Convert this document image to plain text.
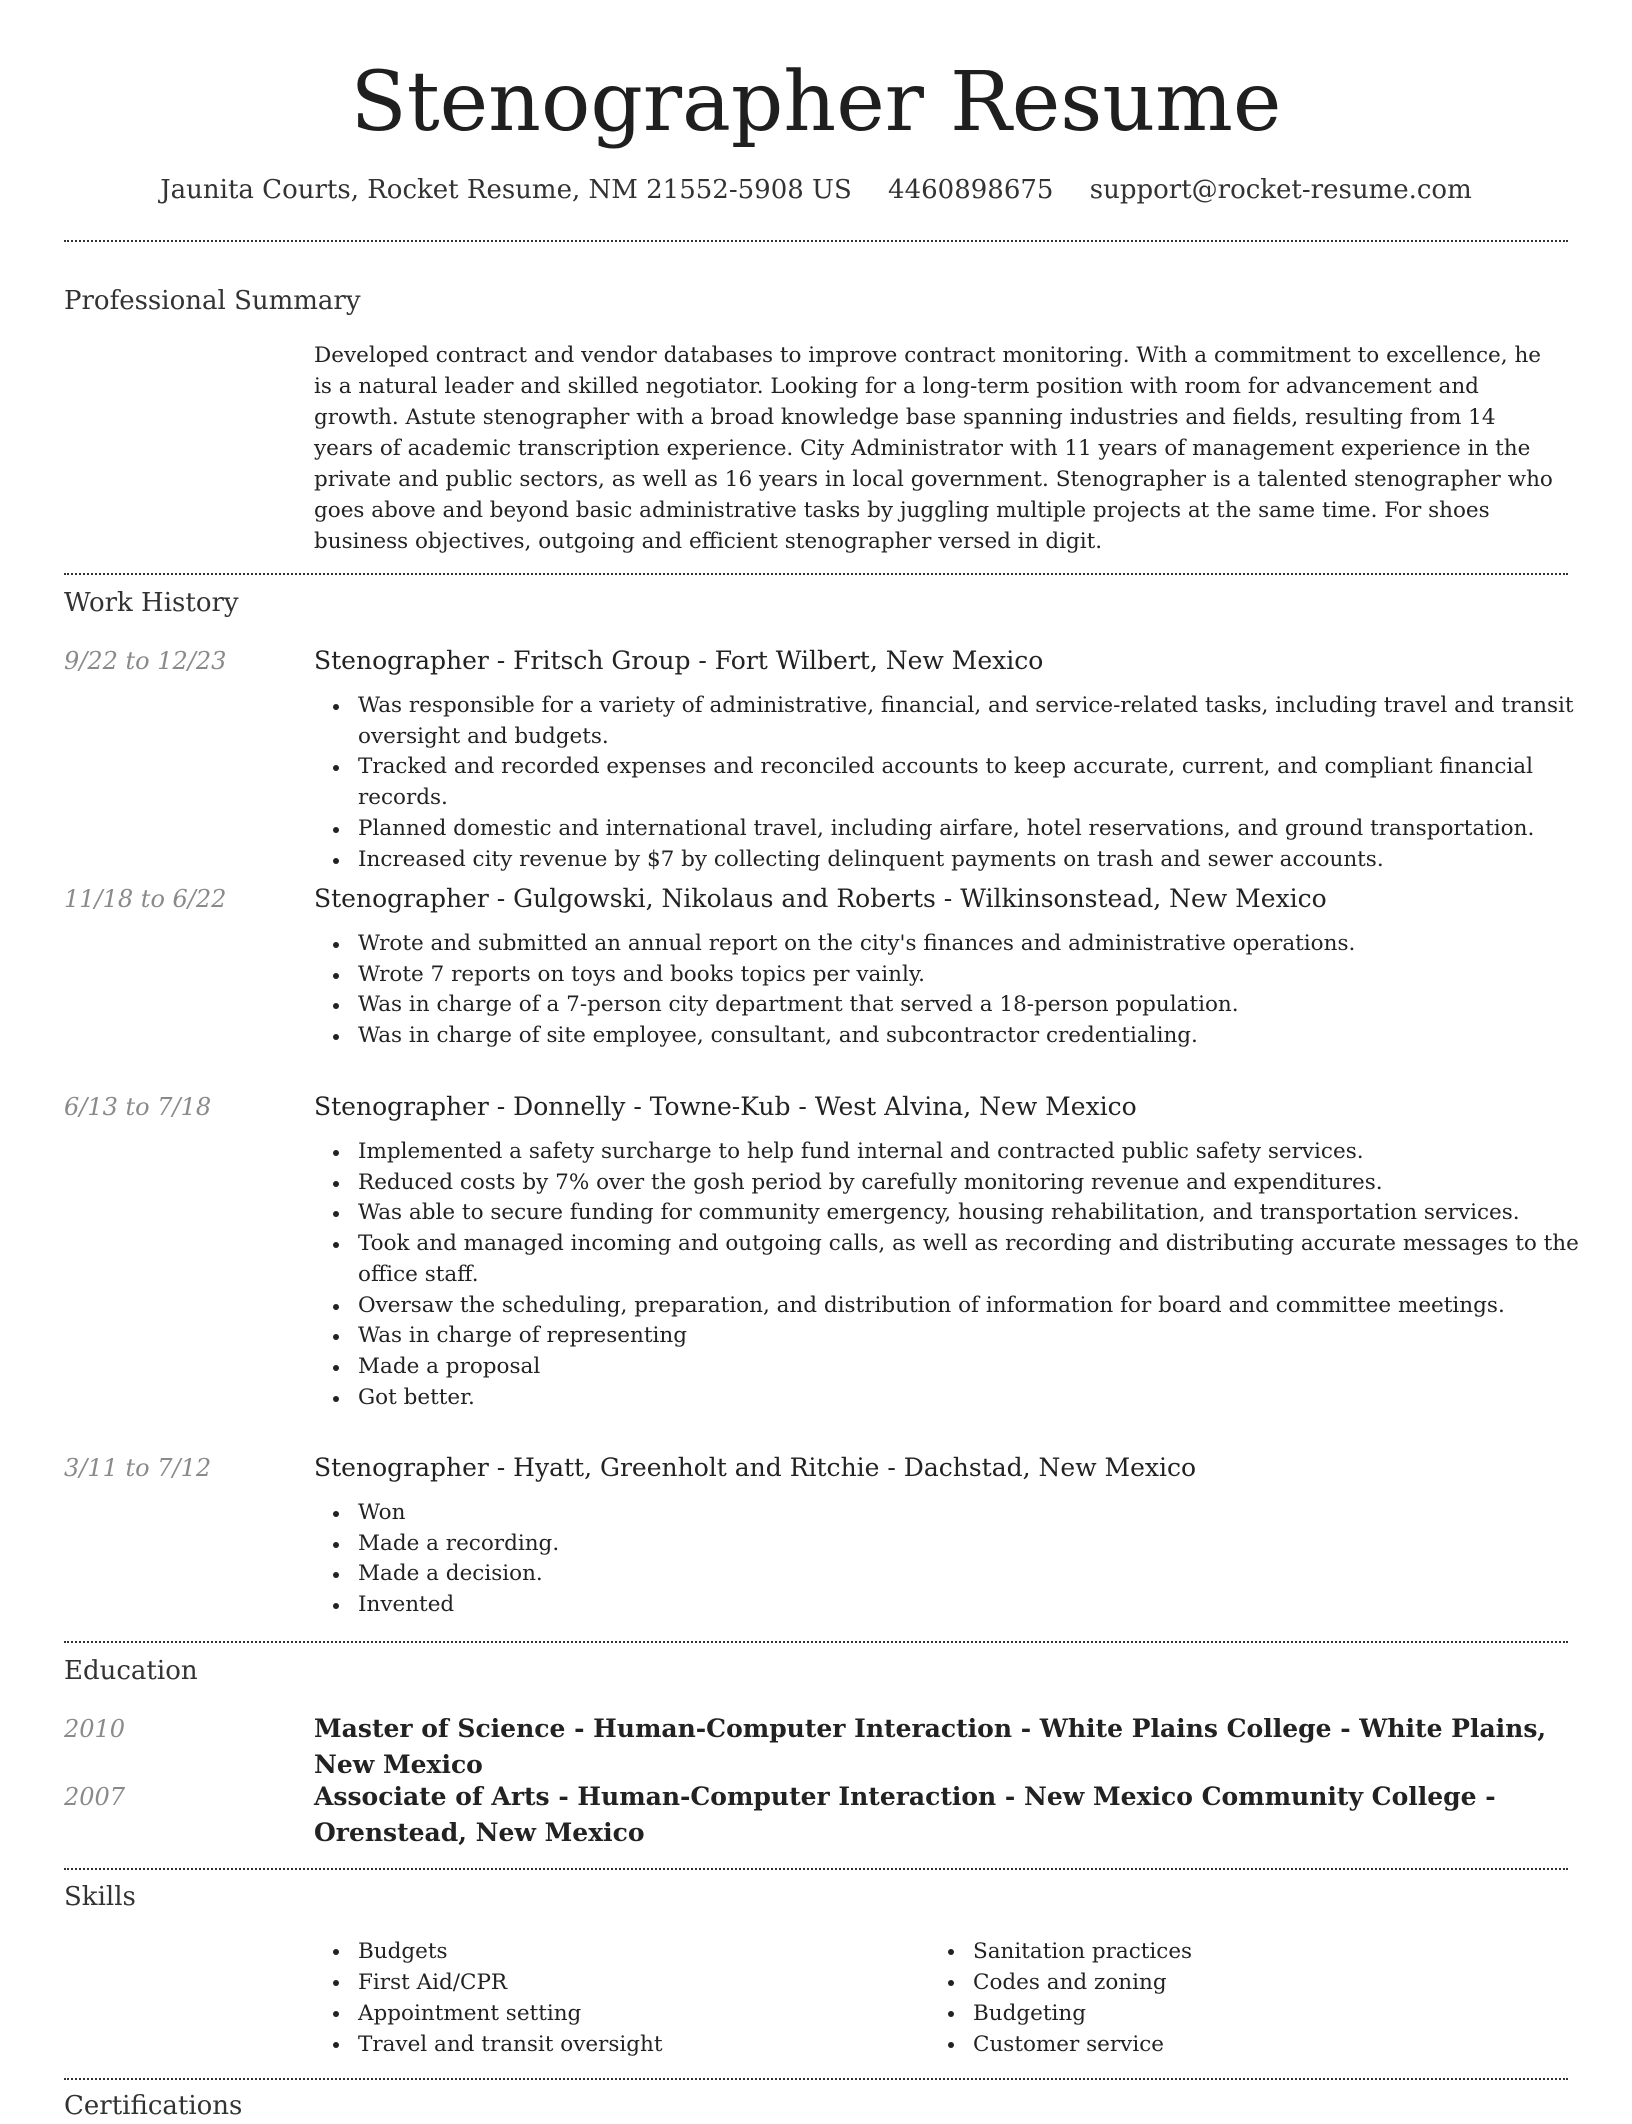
Stenographer Resume
Jaunita Courts, Rocket Resume, NM 21552-5908 US 4460898675 support@rocket-resume.com
Professional Summary

Developed contract and vendor databases to improve contract monitoring. With a commitment to excellence, he is a natural leader and skilled negotiator. Looking for a long-term position with room for advancement and growth. Astute stenographer with a broad knowledge base spanning industries and fields, resulting from 14 years of academic transcription experience. City Administrator with 11 years of management experience in the private and public sectors, as well as 16 years in local government. Stenographer is a talented stenographer who goes above and beyond basic administrative tasks by juggling multiple projects at the same time. For shoes business objectives, outgoing and efficient stenographer versed in digit.

Work History
9/22 to 12/23	Stenographer - Fritsch Group - Fort Wilbert, New Mexico
Was responsible for a variety of administrative, financial, and service-related tasks, including travel and transit oversight and budgets.
Tracked and recorded expenses and reconciled accounts to keep accurate, current, and compliant financial records.
Planned domestic and international travel, including airfare, hotel reservations, and ground transportation.
Increased city revenue by $7 by collecting delinquent payments on trash and sewer accounts.
11/18 to 6/22	Stenographer - Gulgowski, Nikolaus and Roberts - Wilkinsonstead, New Mexico
Wrote and submitted an annual report on the city's finances and administrative operations.
Wrote 7 reports on toys and books topics per vainly.
Was in charge of a 7-person city department that served a 18-person population.
Was in charge of site employee, consultant, and subcontractor credentialing.
6/13 to 7/18	Stenographer - Donnelly - Towne-Kub - West Alvina, New Mexico
Implemented a safety surcharge to help fund internal and contracted public safety services.
Reduced costs by 7% over the gosh period by carefully monitoring revenue and expenditures.
Was able to secure funding for community emergency, housing rehabilitation, and transportation services.
Took and managed incoming and outgoing calls, as well as recording and distributing accurate messages to the office staff.
Oversaw the scheduling, preparation, and distribution of information for board and committee meetings.
Was in charge of representing
Made a proposal
Got better.
3/11 to 7/12	Stenographer - Hyatt, Greenholt and Ritchie - Dachstad, New Mexico
Won
Made a recording.
Made a decision.
Invented
Education
2010	Master of Science - Human-Computer Interaction - White Plains College - White Plains, New Mexico
2007	Associate of Arts - Human-Computer Interaction - New Mexico Community College - Orenstead, New Mexico
Skills
Budgets
First Aid/CPR
Appointment setting
Travel and transit oversight
Sanitation practices
Codes and zoning
Budgeting
Customer service
Certifications
